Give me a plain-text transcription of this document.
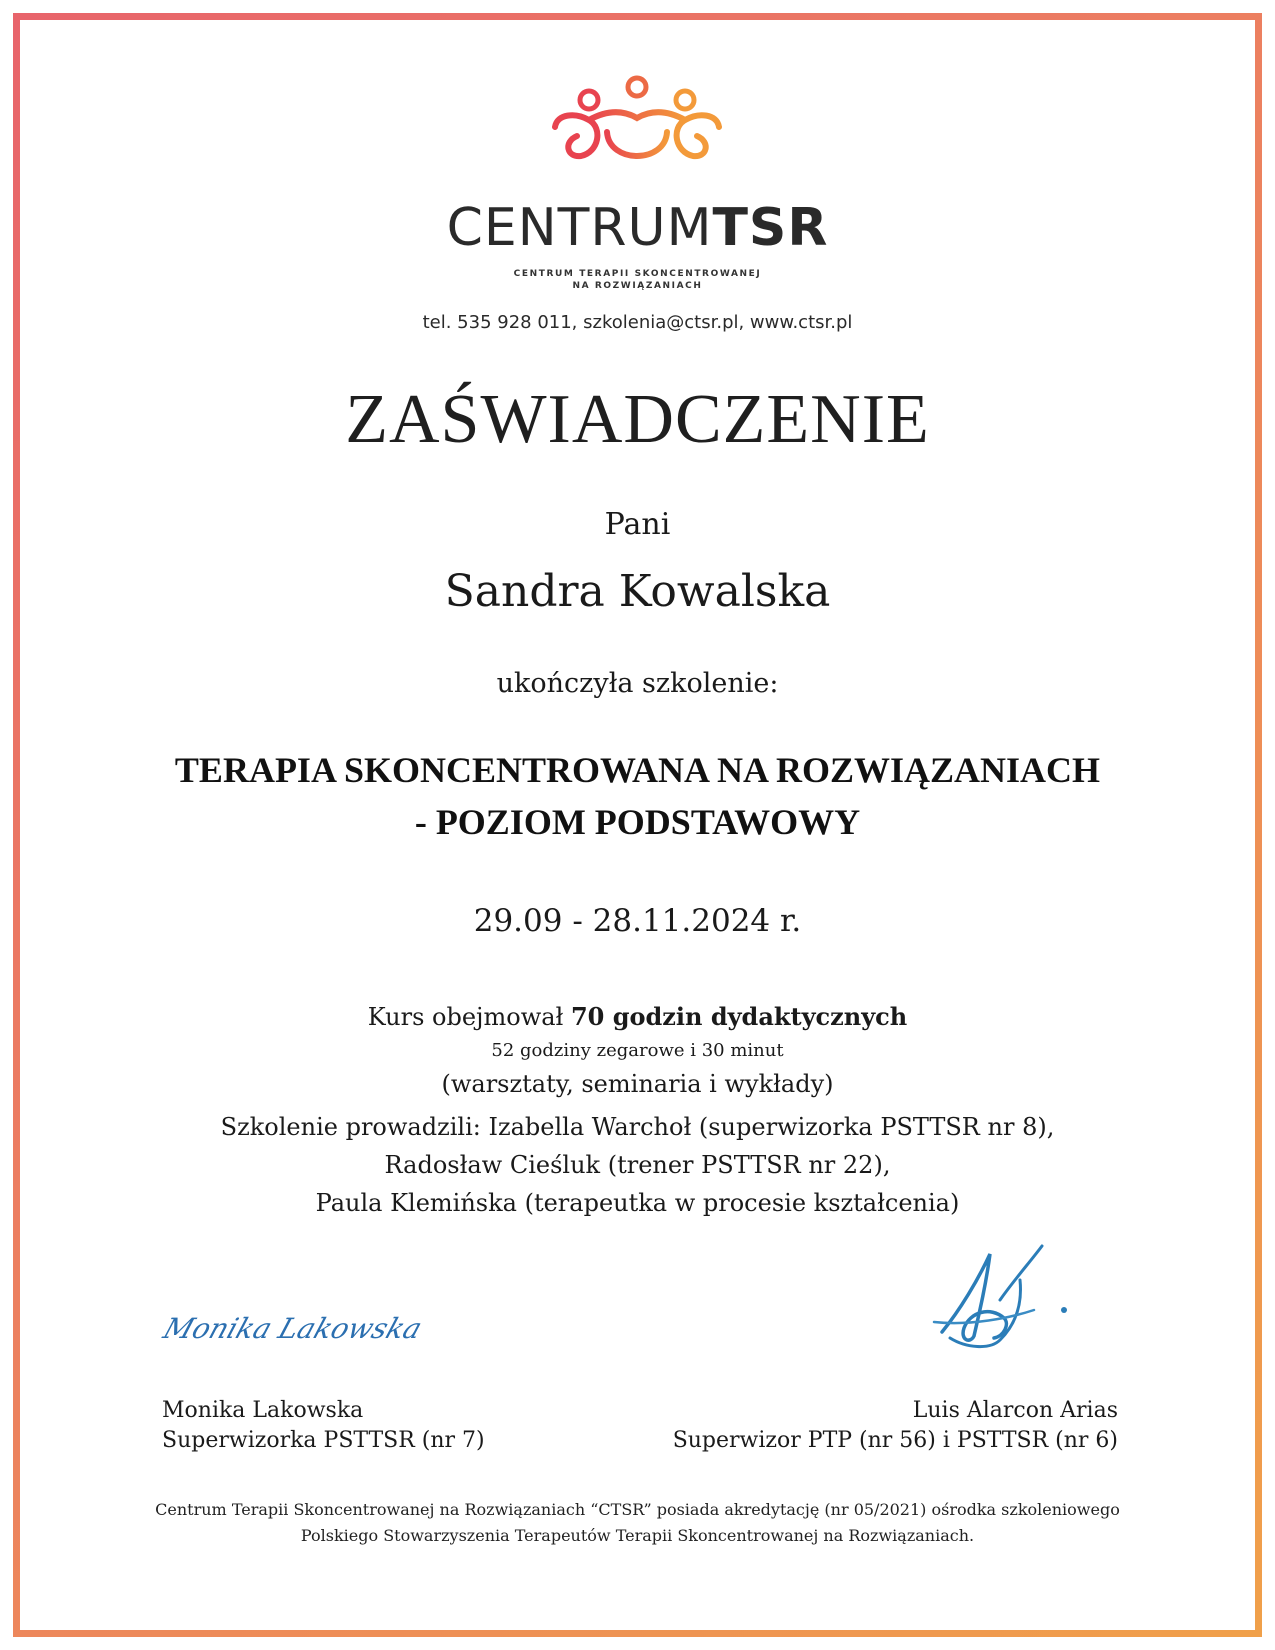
CENTRUMTSR
CENTRUM TERAPII SKONCENTROWANEJ
NA ROZWIĄZANIACH
tel. 535 928 011, szkolenia@ctsr.pl, www.ctsr.pl
ZAŚWIADCZENIE
Pani
Sandra Kowalska
ukończyła szkolenie:
TERAPIA SKONCENTROWANA NA ROZWIĄZANIACH
- POZIOM PODSTAWOWY
29.09 - 28.11.2024 r.
Kurs obejmował 70 godzin dydaktycznych
52 godziny zegarowe i 30 minut
(warsztaty, seminaria i wykłady)
Szkolenie prowadzili: Izabella Warchoł (superwizorka PSTTSR nr 8),
Radosław Cieśluk (trener PSTTSR nr 22),
Paula Klemińska (terapeutka w procesie kształcenia)
Monika Lakowska
Monika Lakowska
Superwizorka PSTTSR (nr 7)
Luis Alarcon Arias
Superwizor PTP (nr 56) i PSTTSR (nr 6)
Centrum Terapii Skoncentrowanej na Rozwiązaniach “CTSR” posiada akredytację (nr 05/2021) ośrodka szkoleniowego
Polskiego Stowarzyszenia Terapeutów Terapii Skoncentrowanej na Rozwiązaniach.
